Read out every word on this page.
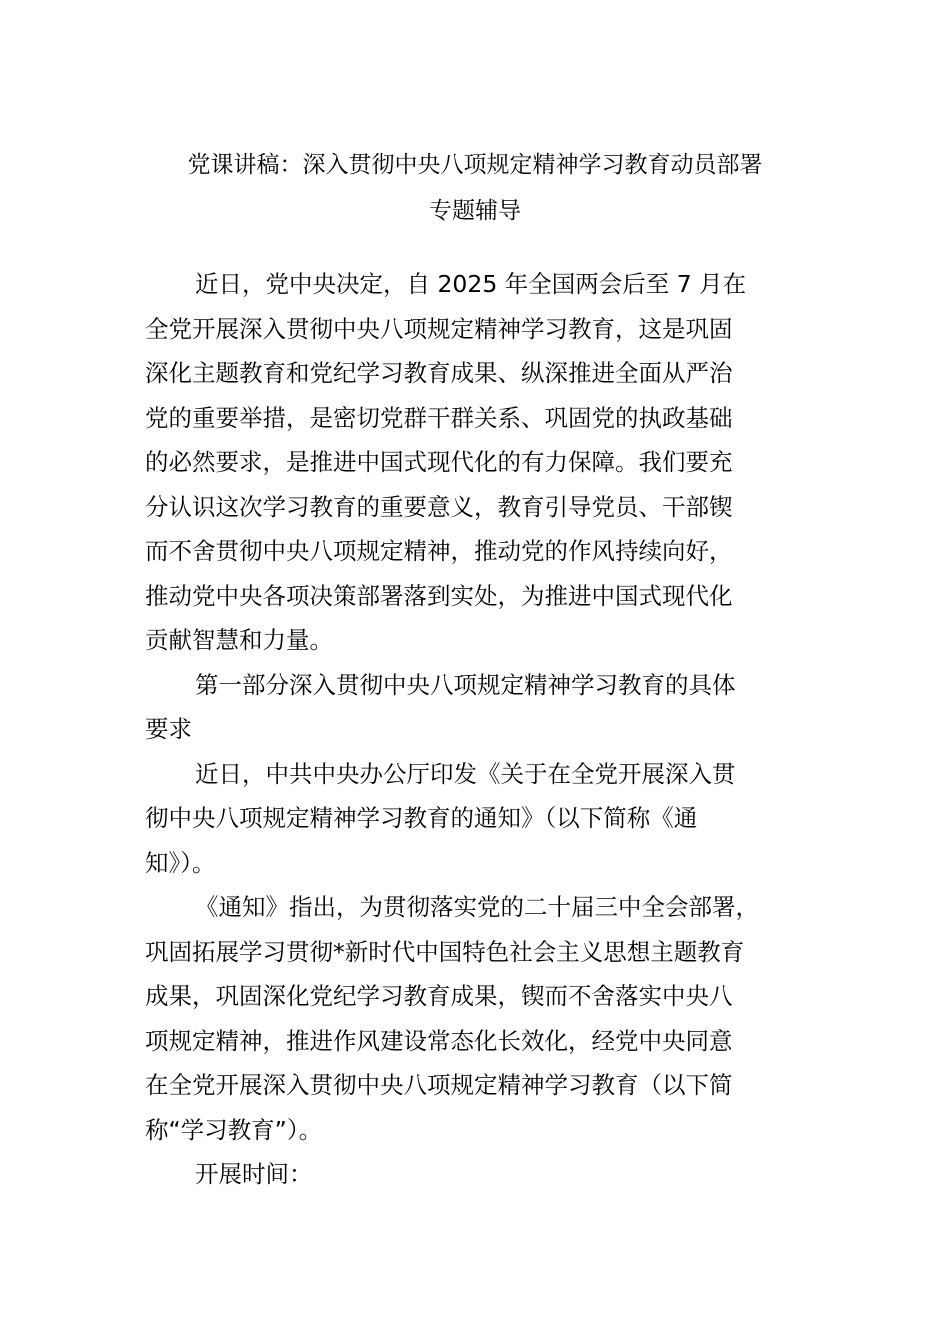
党课讲稿：深入贯彻中央八项规定精神学习教育动员部署
专题辅导
近日，党中央决定，自 2025 年全国两会后至 7 月在
全党开展深入贯彻中央八项规定精神学习教育，这是巩固
深化主题教育和党纪学习教育成果、纵深推进全面从严治
党的重要举措，是密切党群干群关系、巩固党的执政基础
的必然要求，是推进中国式现代化的有力保障。我们要充
分认识这次学习教育的重要意义，教育引导党员、干部锲
而不舍贯彻中央八项规定精神，推动党的作风持续向好，
推动党中央各项决策部署落到实处，为推进中国式现代化
贡献智慧和力量。
第一部分深入贯彻中央八项规定精神学习教育的具体
要求
近日，中共中央办公厅印发《关于在全党开展深入贯
彻中央八项规定精神学习教育的通知》（以下简称《通
知》）。
《通知》指出，为贯彻落实党的二十届三中全会部署，
巩固拓展学习贯彻*新时代中国特色社会主义思想主题教育
成果，巩固深化党纪学习教育成果，锲而不舍落实中央八
项规定精神，推进作风建设常态化长效化，经党中央同意
在全党开展深入贯彻中央八项规定精神学习教育（以下简
称“学习教育”）。
开展时间：
